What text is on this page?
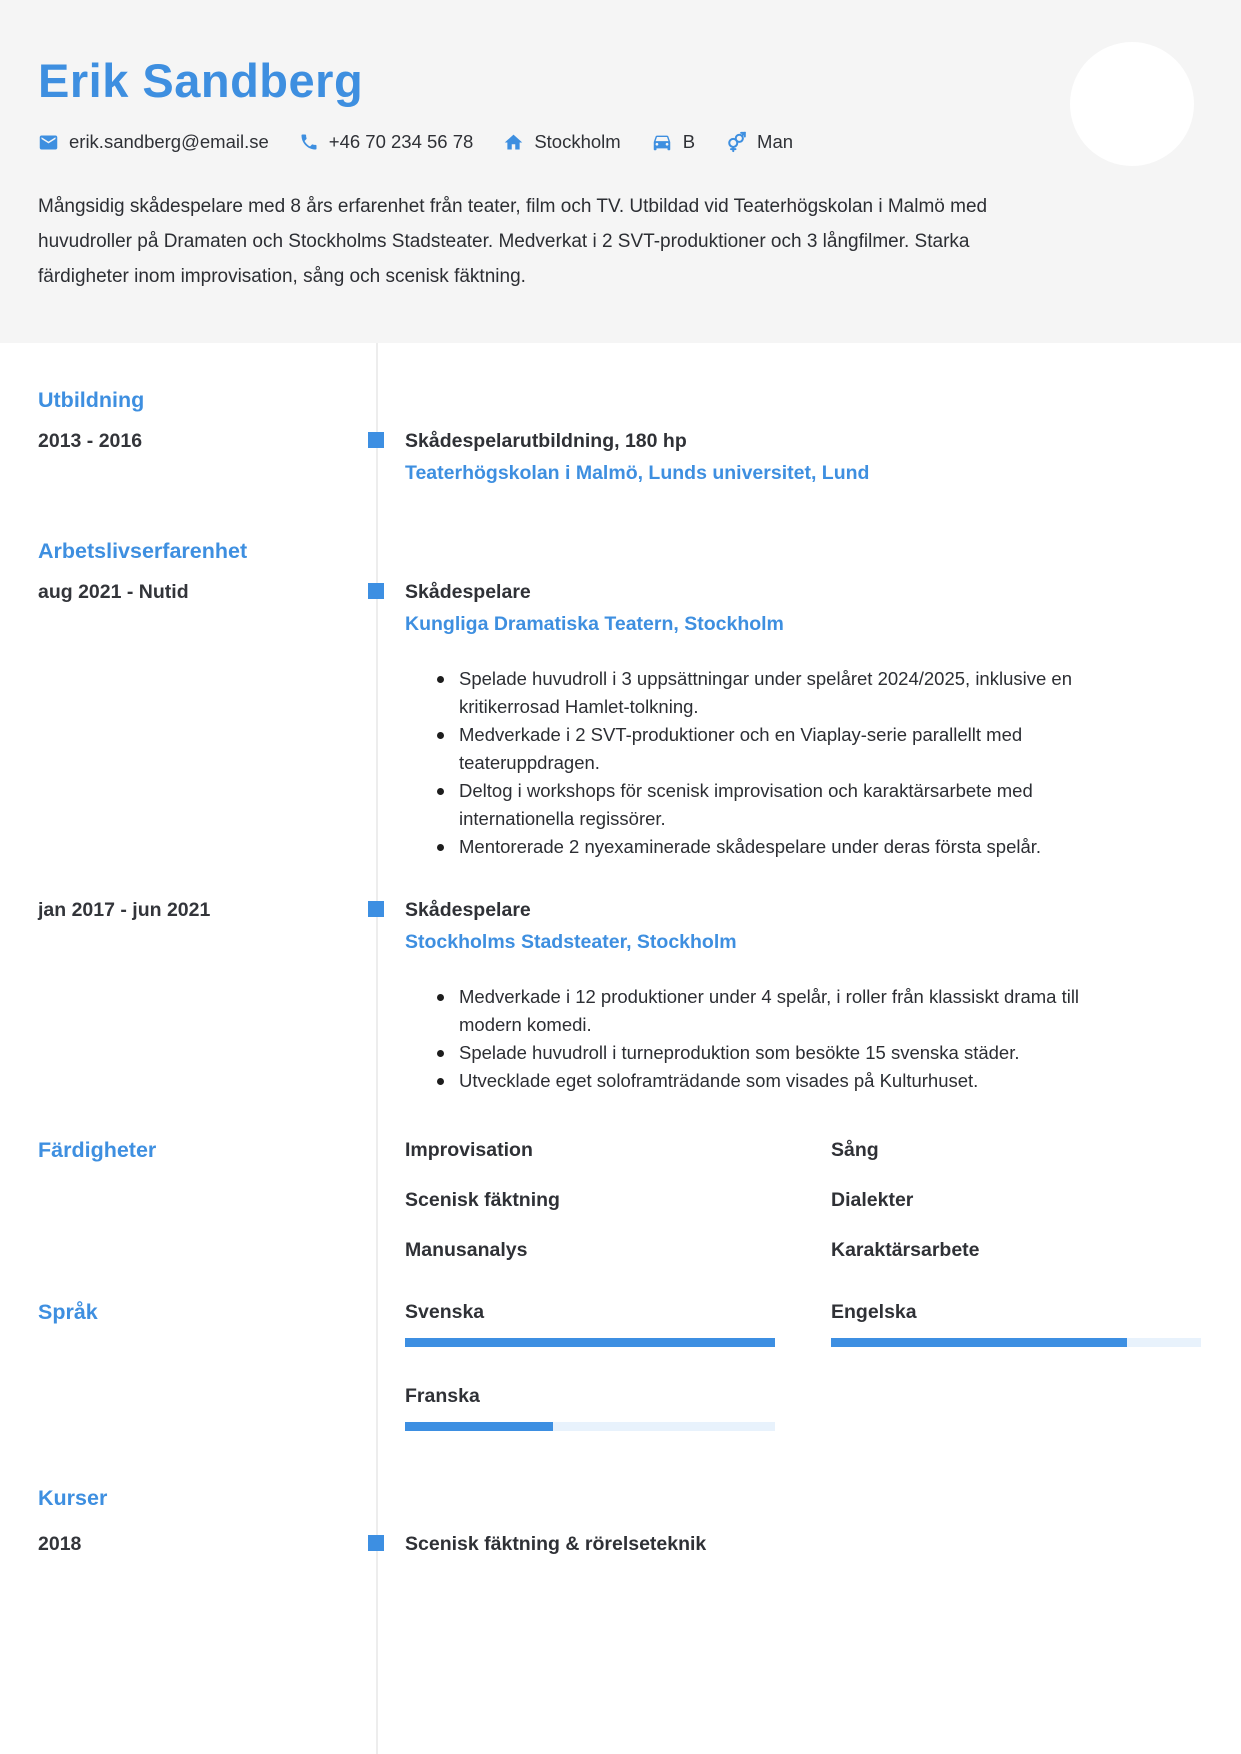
Erik Sandberg
erik.sandberg@email.se	+46 70 234 56 78	Stockholm	B	Man

Mångsidig skådespelare med 8 års erfarenhet från teater, film och TV. Utbildad vid Teaterhögskolan i Malmö med huvudroller på Dramaten och Stockholms Stadsteater. Medverkat i 2 SVT-produktioner och 3 långfilmer. Starka färdigheter inom improvisation, sång och scenisk fäktning.

Utbildning
2013 - 2016	Skådespelarutbildning, 180 hp
Teaterhögskolan i Malmö, Lunds universitet, Lund
Arbetslivserfarenhet
aug 2021 - Nutid	Skådespelare
Kungliga Dramatiska Teatern, Stockholm
Spelade huvudroll i 3 uppsättningar under spelåret 2024/2025, inklusive en kritikerrosad Hamlet-tolkning.
Medverkade i 2 SVT-produktioner och en Viaplay-serie parallellt med teateruppdragen.
Deltog i workshops för scenisk improvisation och karaktärsarbete med internationella regissörer.
Mentorerade 2 nyexaminerade skådespelare under deras första spelår.
jan 2017 - jun 2021	Skådespelare
Stockholms Stadsteater, Stockholm
Medverkade i 12 produktioner under 4 spelår, i roller från klassiskt drama till modern komedi.
Spelade huvudroll i turneproduktion som besökte 15 svenska städer.
Utvecklade eget soloframträdande som visades på Kulturhuset.
Färdigheter	Improvisation	Sång
Scenisk fäktning	Dialekter
Manusanalys	Karaktärsarbete
Språk	Svenska	Engelska
Franska
Kurser
2018	Scenisk fäktning & rörelseteknik
